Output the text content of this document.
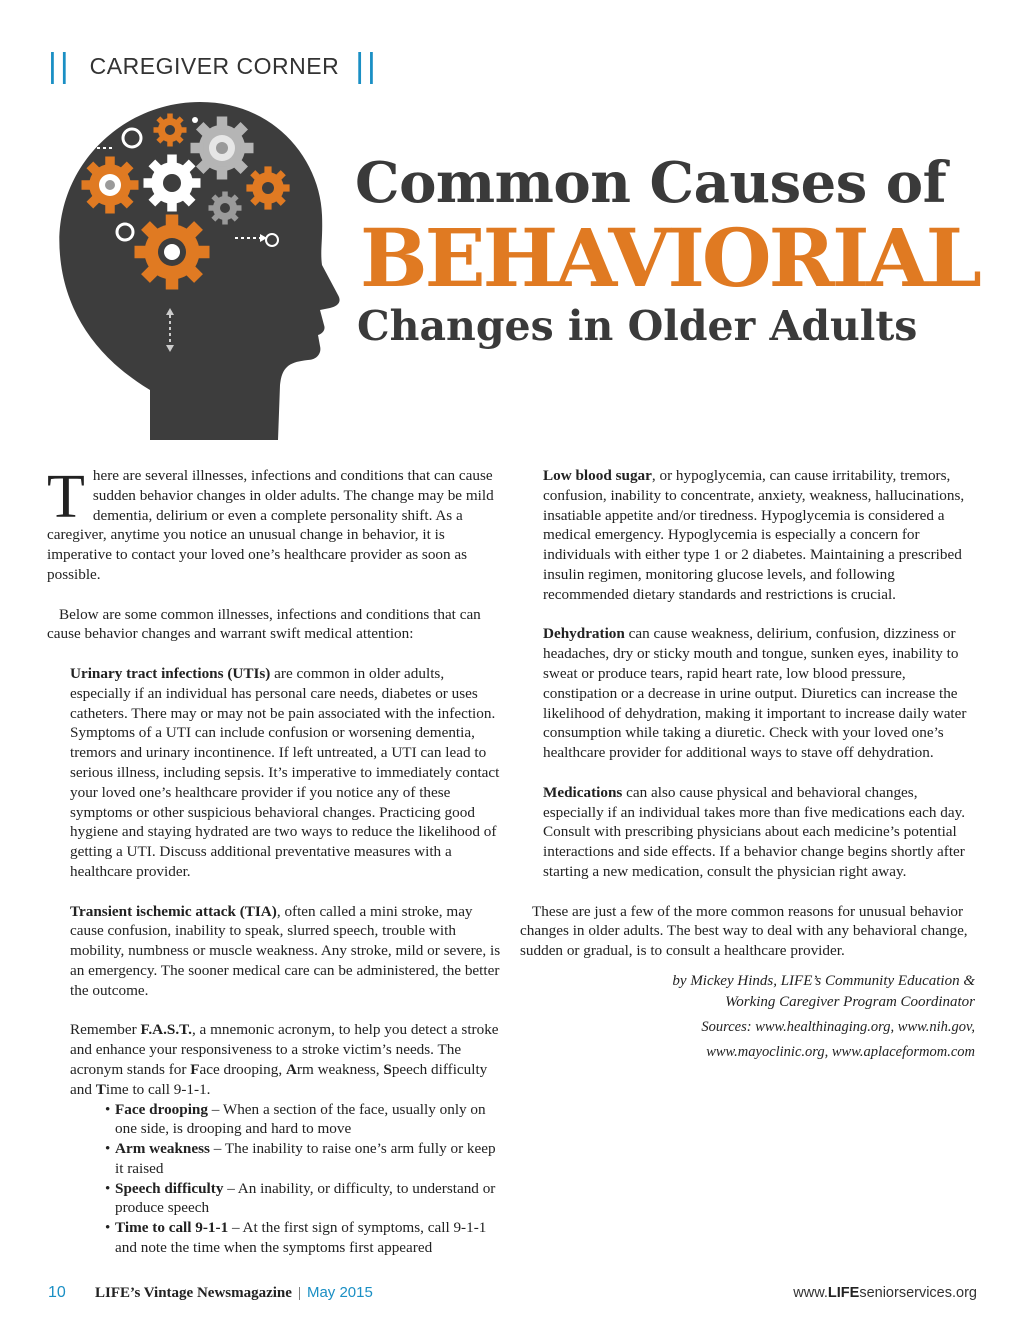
|| CAREGIVER CORNER ||
Common Causes of
BEHAVIORIAL
Changes in Older Adults

There are several illnesses, infections and conditions that can cause sudden behavior changes in older adults. The change may be mild dementia, delirium or even a complete personality shift. As a caregiver, anytime you notice an unusual change in behavior, it is imperative to contact your loved one’s healthcare provider as soon as possible.

Below are some common illnesses, infections and conditions that can cause behavior changes and warrant swift medical attention:

Urinary tract infections (UTIs) are common in older adults, especially if an individual has personal care needs, diabetes or uses catheters. There may or may not be pain associated with the infection. Symptoms of a UTI can include confusion or worsening dementia, tremors and urinary incontinence. If left untreated, a UTI can lead to serious illness, including sepsis. It’s imperative to immediately contact your loved one’s healthcare provider if you notice any of these symptoms or other suspicious behavioral changes. Practicing good hygiene and staying hydrated are two ways to reduce the likelihood of getting a UTI. Discuss additional preventative measures with a healthcare provider.

Transient ischemic attack (TIA), often called a mini stroke, may cause confusion, inability to speak, slurred speech, trouble with mobility, numbness or muscle weakness. Any stroke, mild or severe, is an emergency. The sooner medical care can be administered, the better the outcome.

Remember F.A.S.T., a mnemonic acronym, to help you detect a stroke and enhance your responsiveness to a stroke victim’s needs. The acronym stands for Face drooping, Arm weakness, Speech difficulty and Time to call 9-1-1.

• Face drooping – When a section of the face, usually only on one side, is drooping and hard to move
• Arm weakness – The inability to raise one’s arm fully or keep it raised
• Speech difficulty – An inability, or difficulty, to understand or produce speech
• Time to call 9-1-1 – At the first sign of symptoms, call 9-1-1 and note the time when the symptoms first appeared

Low blood sugar, or hypoglycemia, can cause irritability, tremors, confusion, inability to concentrate, anxiety, weakness, hallucinations, insatiable appetite and/or tiredness. Hypoglycemia is considered a medical emergency. Hypoglycemia is especially a concern for individuals with either type 1 or 2 diabetes. Maintaining a prescribed insulin regimen, monitoring glucose levels, and following recommended dietary standards and restrictions is crucial.

Dehydration can cause weakness, delirium, confusion, dizziness or headaches, dry or sticky mouth and tongue, sunken eyes, inability to sweat or produce tears, rapid heart rate, low blood pressure, constipation or a decrease in urine output. Diuretics can increase the likelihood of dehydration, making it important to increase daily water consumption while taking a diuretic. Check with your loved one’s healthcare provider for additional ways to stave off dehydration.

Medications can also cause physical and behavioral changes, especially if an individual takes more than five medications each day. Consult with prescribing physicians about each medicine’s potential interactions and side effects. If a behavior change begins shortly after starting a new medication, consult the physician right away.

These are just a few of the more common reasons for unusual behavior changes in older adults. The best way to deal with any behavioral change, sudden or gradual, is to consult a healthcare provider.

by Mickey Hinds, LIFE’s Community Education &
Working Caregiver Program Coordinator
Sources: www.healthinaging.org, www.nih.gov,
www.mayoclinic.org, www.aplaceformom.com
10 LIFE’s Vintage Newsmagazine | May 2015	www.LIFEseniorservices.org
